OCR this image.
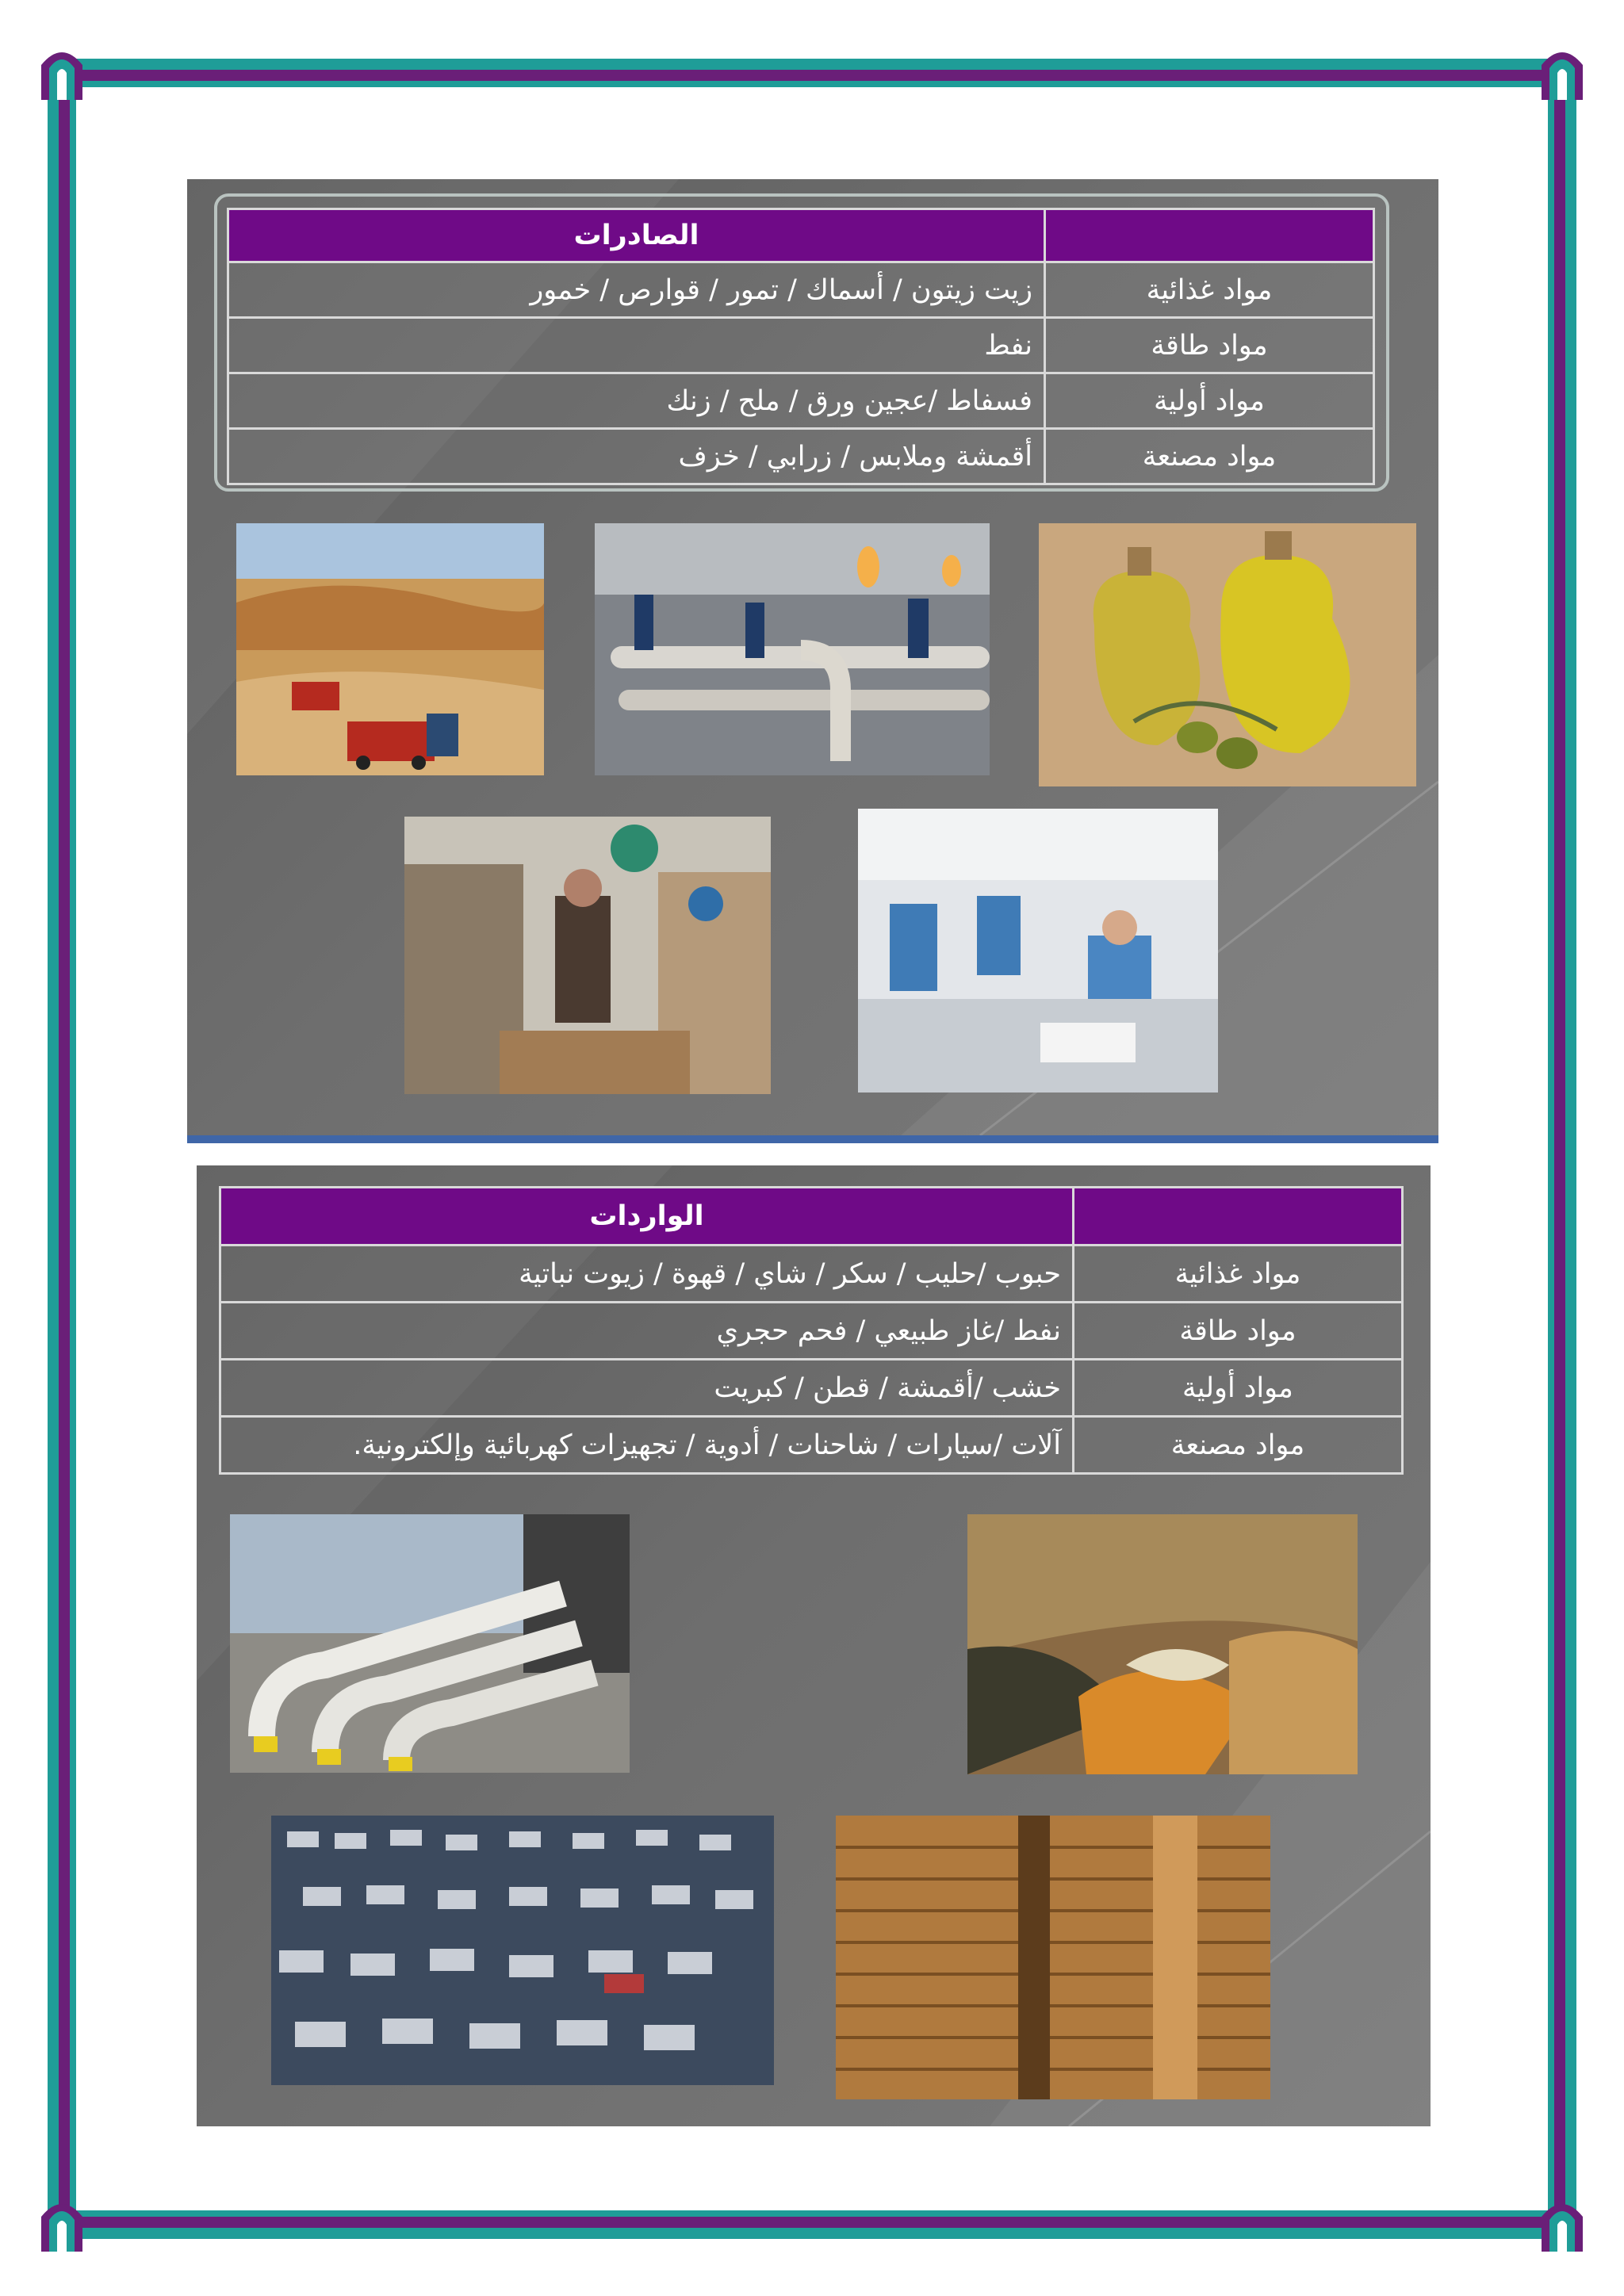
	الصادرات
مواد غذائية	زيت زيتون / أسماك / تمور / قوارص / خمور
مواد طاقة	نفط
مواد أولية	فسفاط /عجين ورق / ملح / زنك
مواد مصنعة	أقمشة وملابس / زرابي / خزف
	الواردات
مواد غذائية	حبوب /حليب / سكر / شاي / قهوة / زيوت نباتية
مواد طاقة	نفط /غاز طبيعي / فحم حجري
مواد أولية	خشب /أقمشة / قطن / كبريت
مواد مصنعة	آلات /سيارات / شاحنات / أدوية / تجهيزات كهربائية وإلكترونية.
